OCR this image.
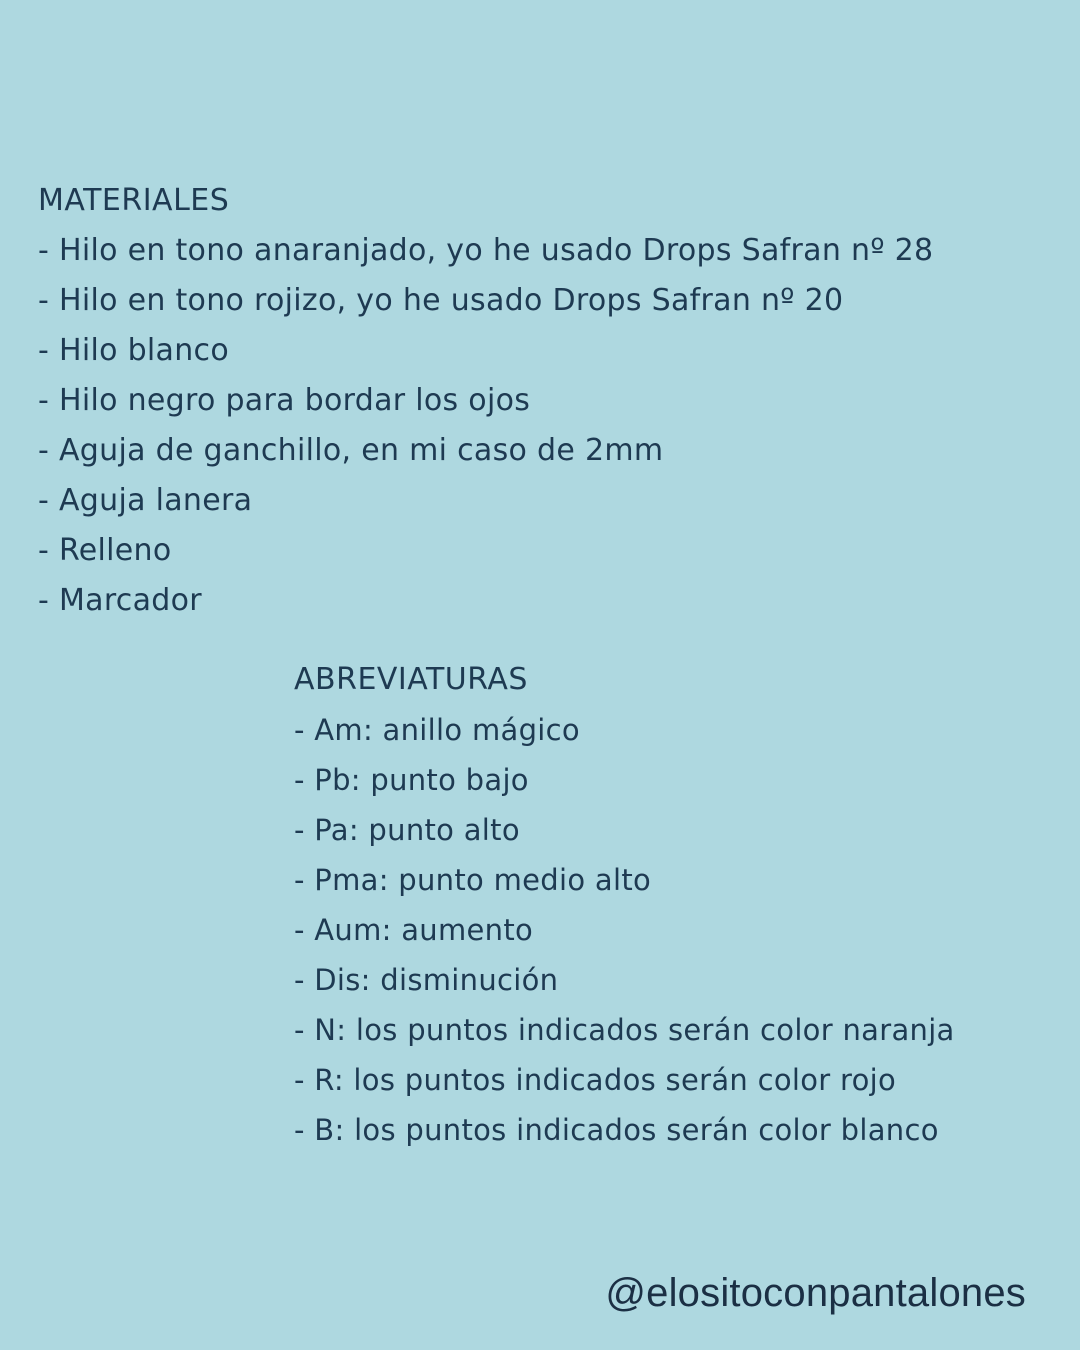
MATERIALES
- Hilo en tono anaranjado, yo he usado Drops Safran nº 28
- Hilo en tono rojizo, yo he usado Drops Safran nº 20
- Hilo blanco
- Hilo negro para bordar los ojos
- Aguja de ganchillo, en mi caso de 2mm
- Aguja lanera
- Relleno
- Marcador
ABREVIATURAS
- Am: anillo mágico
- Pb: punto bajo
- Pa: punto alto
- Pma: punto medio alto
- Aum: aumento
- Dis: disminución
- N: los puntos indicados serán color naranja
- R: los puntos indicados serán color rojo
- B: los puntos indicados serán color blanco
@elositoconpantalones
